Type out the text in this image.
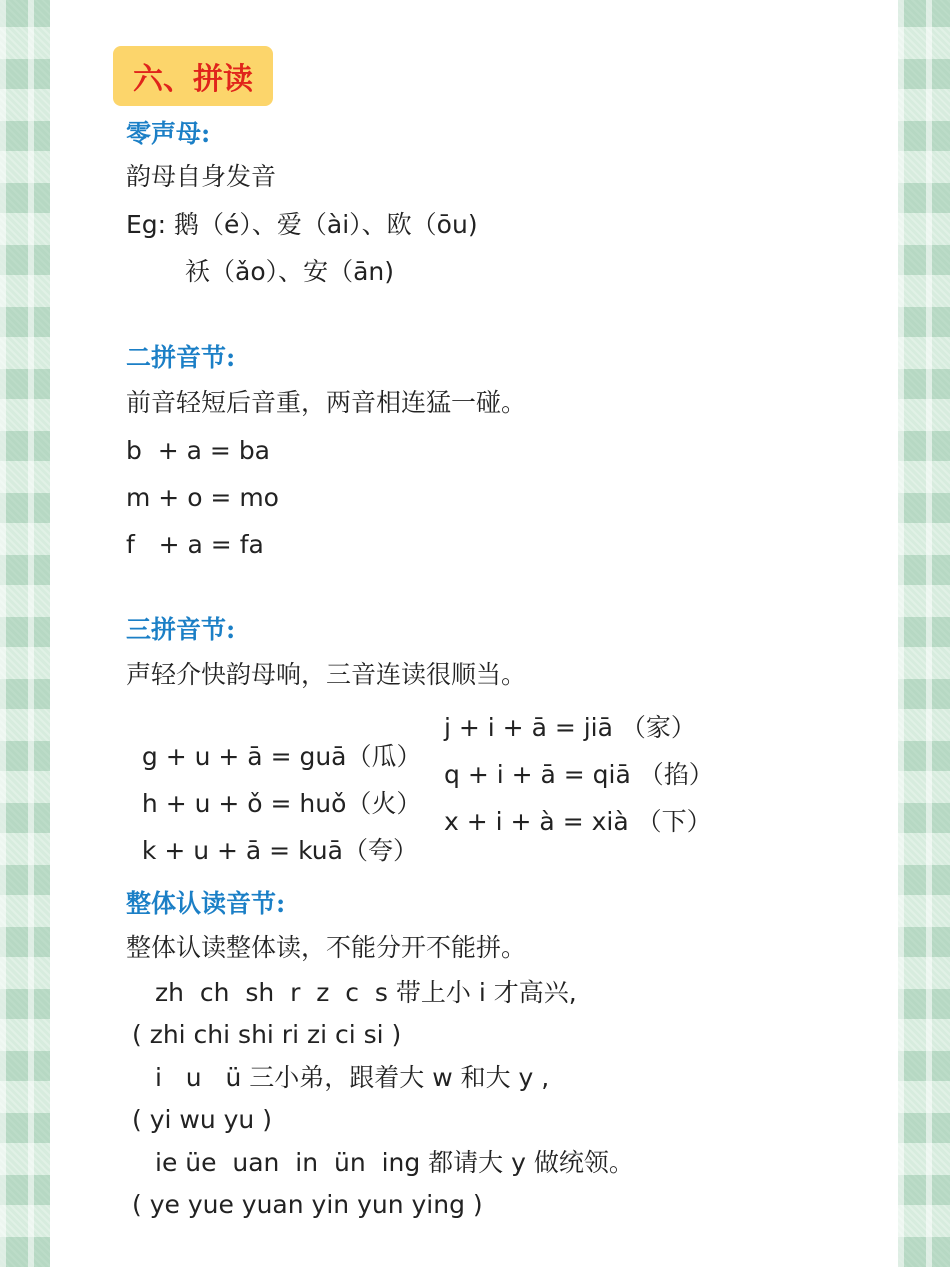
六、拼读
零声母:
韵母自身发音
Eg: 鹅（é）、爱（ài）、欧（ōu)
袄（ǎo）、安（ān)
二拼音节:
前音轻短后音重，两音相连猛一碰。
b  + a = ba
m + o = mo
f   + a = fa
三拼音节:
声轻介快韵母响，三音连读很顺当。

g + u + ā = guā（瓜）

j + i + ā = jiā （家）

h + u + ǒ = huǒ（火）

q + i + ā = qiā （掐）

k + u + ā = kuā（夸）

x + i + à = xià （下）

整体认读音节:
整体认读整体读，不能分开不能拼。
zh  ch  sh  r  z  c  s 带上小 i 才高兴,
( zhi chi shi ri zi ci si )
i   u   ü 三小弟，跟着大 w 和大 y ,
( yi wu yu )
ie üe  uan  in  ün  ing 都请大 y 做统领。
( ye yue yuan yin yun ying )
